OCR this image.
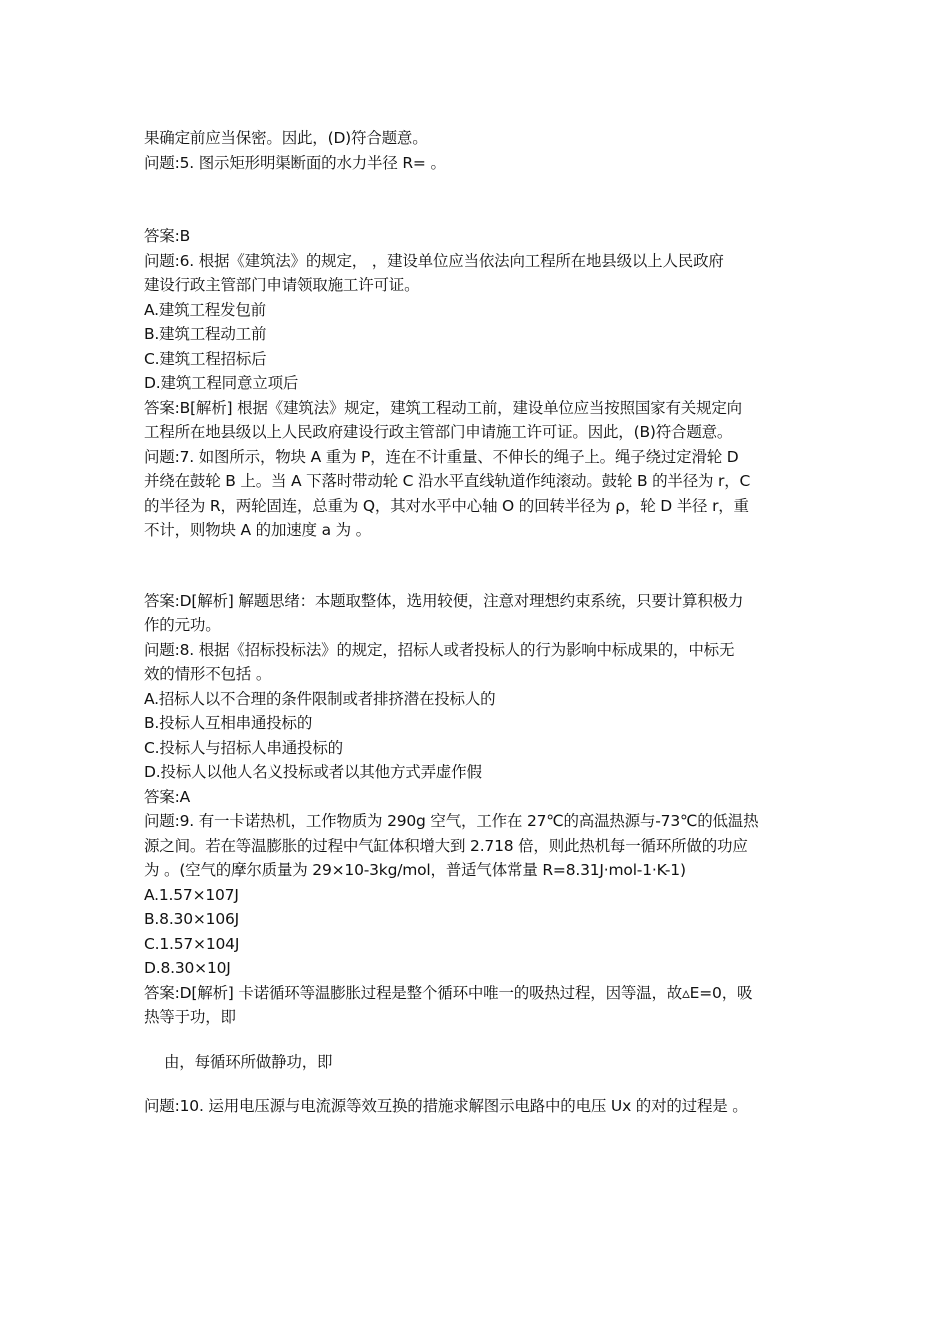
果确定前应当保密。因此，(D)符合题意。
问题:5. 图示矩形明渠断面的水力半径 R= 。
答案:B
问题:6. 根据《建筑法》的规定， ，建设单位应当依法向工程所在地县级以上人民政府
建设行政主管部门申请领取施工许可证。
A.建筑工程发包前
B.建筑工程动工前
C.建筑工程招标后
D.建筑工程同意立项后
答案:B[解析] 根据《建筑法》规定，建筑工程动工前，建设单位应当按照国家有关规定向
工程所在地县级以上人民政府建设行政主管部门申请施工许可证。因此，(B)符合题意。
问题:7. 如图所示，物块 A 重为 P，连在不计重量、不伸长的绳子上。绳子绕过定滑轮 D
并绕在鼓轮 B 上。当 A 下落时带动轮 C 沿水平直线轨道作纯滚动。鼓轮 B 的半径为 r，C
的半径为 R，两轮固连，总重为 Q，其对水平中心轴 O 的回转半径为 ρ，轮 D 半径 r，重
不计，则物块 A 的加速度 a 为 。
答案:D[解析] 解题思绪：本题取整体，选用较便，注意对理想约束系统，只要计算积极力
作的元功。
问题:8. 根据《招标投标法》的规定，招标人或者投标人的行为影响中标成果的，中标无
效的情形不包括 。
A.招标人以不合理的条件限制或者排挤潜在投标人的
B.投标人互相串通投标的
C.投标人与招标人串通投标的
D.投标人以他人名义投标或者以其他方式弄虚作假
答案:A
问题:9. 有一卡诺热机，工作物质为 290g 空气，工作在 27℃的高温热源与-73℃的低温热
源之间。若在等温膨胀的过程中气缸体积增大到 2.718 倍，则此热机每一循环所做的功应
为 。(空气的摩尔质量为 29×10-3kg/mol，普适气体常量 R=8.31J·mol-1·K-1)
A.1.57×107J
B.8.30×106J
C.1.57×104J
D.8.30×10J
答案:D[解析] 卡诺循环等温膨胀过程是整个循环中唯一的吸热过程，因等温，故▵E=0，吸
热等于功，即
由，每循环所做静功，即
问题:10. 运用电压源与电流源等效互换的措施求解图示电路中的电压 Ux 的对的过程是 。
